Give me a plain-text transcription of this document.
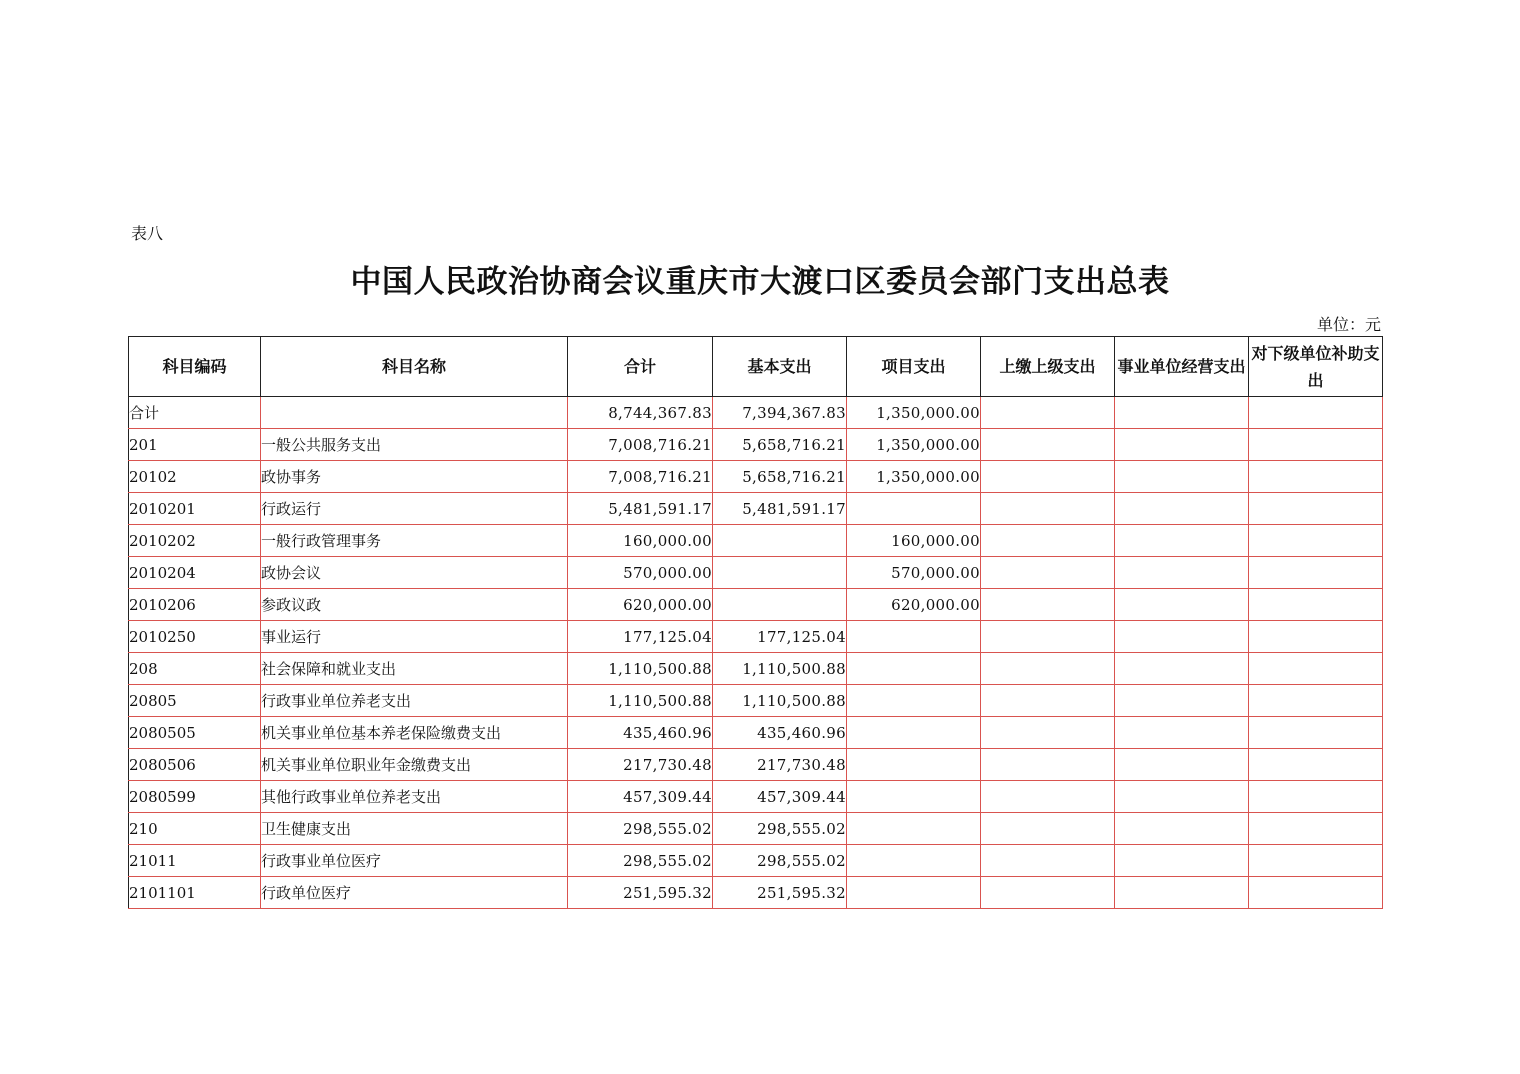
表八
中国人民政治协商会议重庆市大渡口区委员会部门支出总表
单位：元
科目编码	科目名称	合计	基本支出	项目支出	上缴上级支出	事业单位经营支出	对下级单位补助支出
合计		8,744,367.83	7,394,367.83	1,350,000.00			
201	一般公共服务支出	7,008,716.21	5,658,716.21	1,350,000.00			
20102	政协事务	7,008,716.21	5,658,716.21	1,350,000.00			
2010201	行政运行	5,481,591.17	5,481,591.17				
2010202	一般行政管理事务	160,000.00		160,000.00			
2010204	政协会议	570,000.00		570,000.00			
2010206	参政议政	620,000.00		620,000.00			
2010250	事业运行	177,125.04	177,125.04				
208	社会保障和就业支出	1,110,500.88	1,110,500.88				
20805	行政事业单位养老支出	1,110,500.88	1,110,500.88				
2080505	机关事业单位基本养老保险缴费支出	435,460.96	435,460.96				
2080506	机关事业单位职业年金缴费支出	217,730.48	217,730.48				
2080599	其他行政事业单位养老支出	457,309.44	457,309.44				
210	卫生健康支出	298,555.02	298,555.02				
21011	行政事业单位医疗	298,555.02	298,555.02				
2101101	行政单位医疗	251,595.32	251,595.32				
